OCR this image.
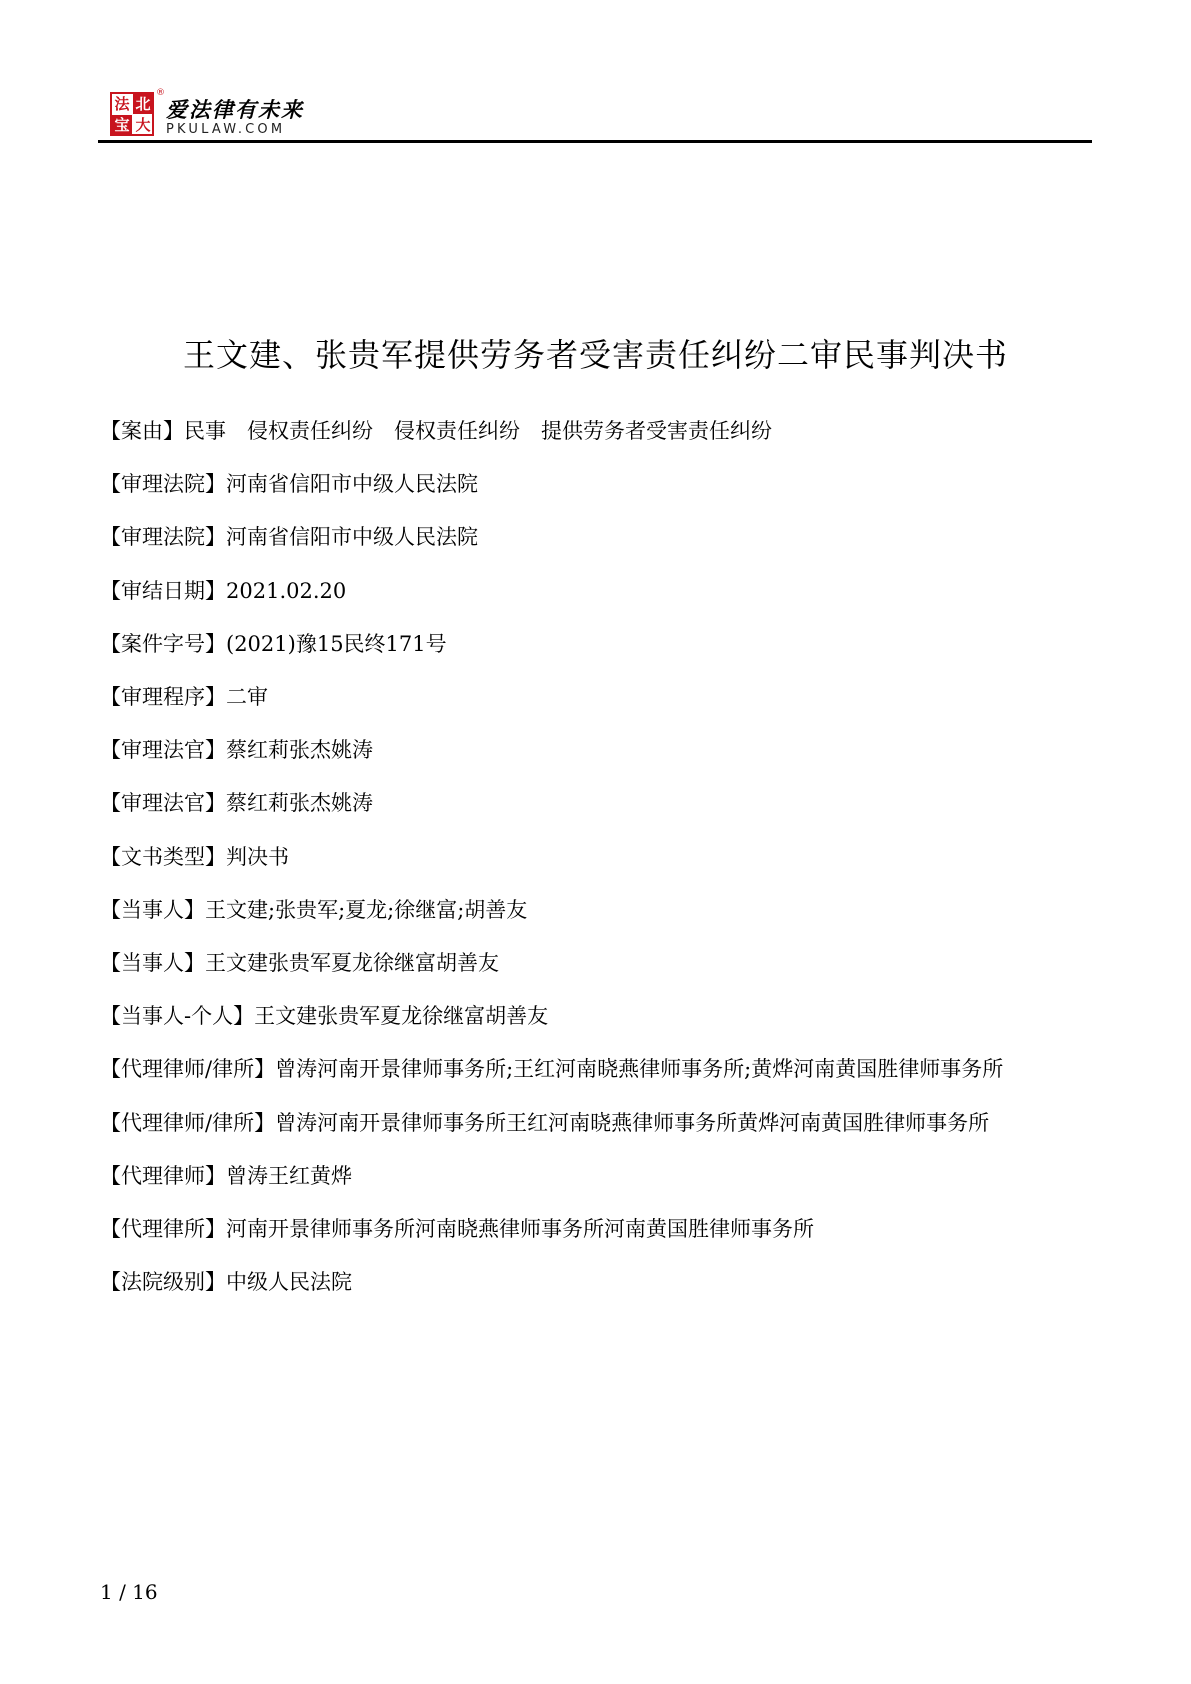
法 北
宝 大
®
爱法律有未来
PKULAW.COM
王文建、张贵军提供劳务者受害责任纠纷二审民事判决书

【案由】民事　侵权责任纠纷　侵权责任纠纷　提供劳务者受害责任纠纷

【审理法院】河南省信阳市中级人民法院

【审理法院】河南省信阳市中级人民法院

【审结日期】2021.02.20

【案件字号】(2021)豫15民终171号

【审理程序】二审

【审理法官】蔡红莉张杰姚涛

【审理法官】蔡红莉张杰姚涛

【文书类型】判决书

【当事人】王文建;张贵军;夏龙;徐继富;胡善友

【当事人】王文建张贵军夏龙徐继富胡善友

【当事人-个人】王文建张贵军夏龙徐继富胡善友

【代理律师/律所】曾涛河南开景律师事务所;王红河南晓燕律师事务所;黄烨河南黄国胜律师事务所

【代理律师/律所】曾涛河南开景律师事务所王红河南晓燕律师事务所黄烨河南黄国胜律师事务所

【代理律师】曾涛王红黄烨

【代理律所】河南开景律师事务所河南晓燕律师事务所河南黄国胜律师事务所

【法院级别】中级人民法院

1 / 16
